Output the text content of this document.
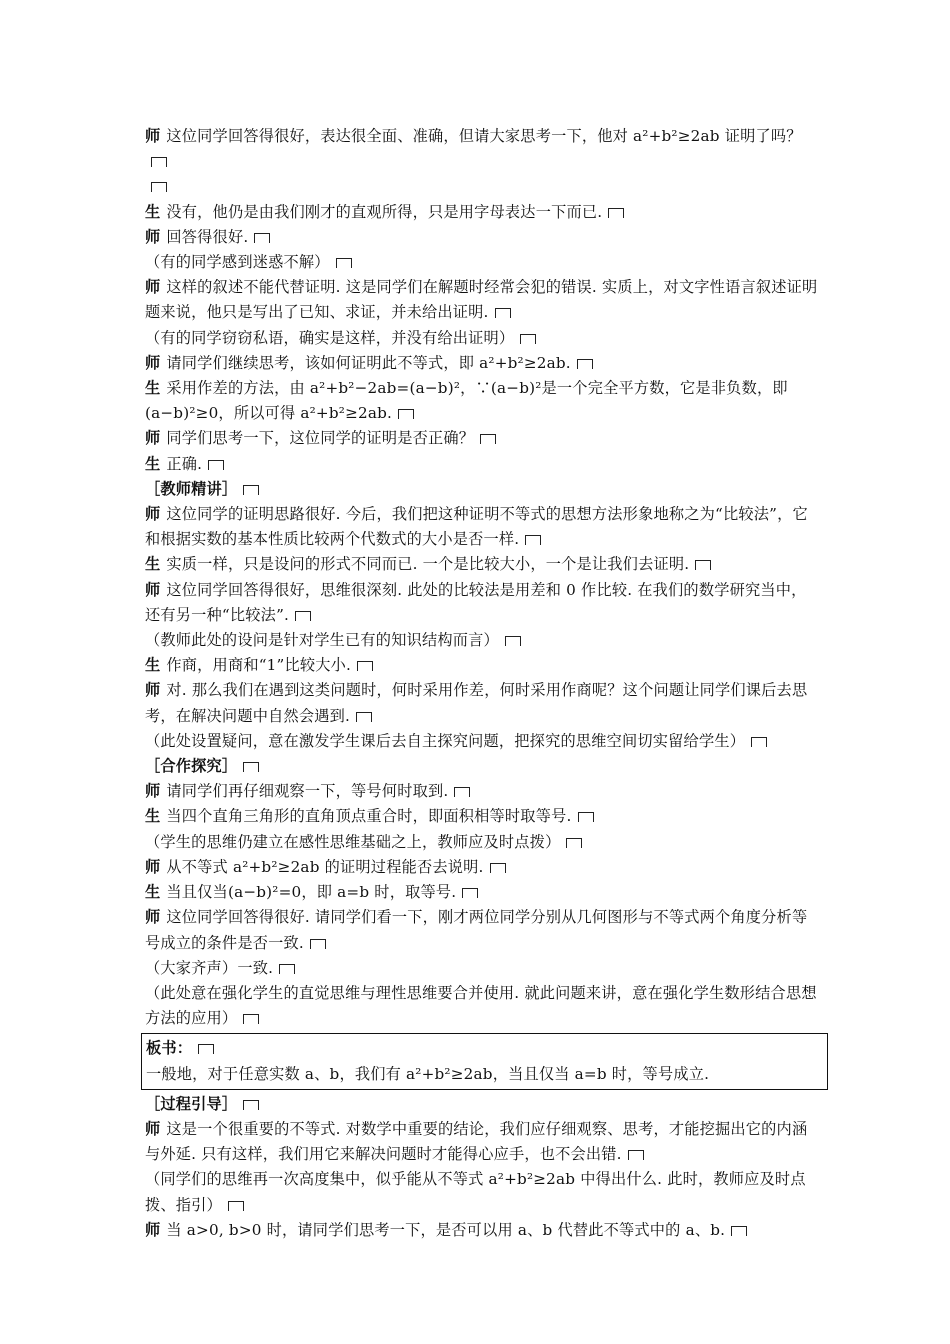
师 这位同学回答得很好，表达很全面、准确，但请大家思考一下，他对 a²+b²≥2ab 证明了吗？

生 没有，他仍是由我们刚才的直观所得，只是用字母表达一下而已.

师 回答得很好.

（有的同学感到迷惑不解）

师 这样的叙述不能代替证明. 这是同学们在解题时经常会犯的错误. 实质上，对文字性语言叙述证明题来说，他只是写出了已知、求证，并未给出证明.

（有的同学窃窃私语，确实是这样，并没有给出证明）

师 请同学们继续思考，该如何证明此不等式，即 a²+b²≥2ab.

生 采用作差的方法，由 a²+b²−2ab=(a−b)²，∵(a−b)²是一个完全平方数，它是非负数，即(a−b)²≥0，所以可得 a²+b²≥2ab.

师 同学们思考一下，这位同学的证明是否正确？

生 正确.

［教师精讲］

师 这位同学的证明思路很好. 今后，我们把这种证明不等式的思想方法形象地称之为“比较法”，它和根据实数的基本性质比较两个代数式的大小是否一样.

生 实质一样，只是设问的形式不同而已. 一个是比较大小，一个是让我们去证明.

师 这位同学回答得很好，思维很深刻. 此处的比较法是用差和 0 作比较. 在我们的数学研究当中，还有另一种“比较法”.

（教师此处的设问是针对学生已有的知识结构而言）

生 作商，用商和“1”比较大小.

师 对. 那么我们在遇到这类问题时，何时采用作差，何时采用作商呢？这个问题让同学们课后去思考，在解决问题中自然会遇到.

（此处设置疑问，意在激发学生课后去自主探究问题，把探究的思维空间切实留给学生）

［合作探究］

师 请同学们再仔细观察一下，等号何时取到.

生 当四个直角三角形的直角顶点重合时，即面积相等时取等号.

（学生的思维仍建立在感性思维基础之上，教师应及时点拨）

师 从不等式 a²+b²≥2ab 的证明过程能否去说明.

生 当且仅当(a−b)²=0，即 a=b 时，取等号.

师 这位同学回答得很好. 请同学们看一下，刚才两位同学分别从几何图形与不等式两个角度分析等号成立的条件是否一致.

（大家齐声）一致.

（此处意在强化学生的直觉思维与理性思维要合并使用. 就此问题来讲，意在强化学生数形结合思想方法的应用）

板书：

一般地，对于任意实数 a、b，我们有 a²+b²≥2ab，当且仅当 a=b 时，等号成立.

［过程引导］

师 这是一个很重要的不等式. 对数学中重要的结论，我们应仔细观察、思考，才能挖掘出它的内涵与外延. 只有这样，我们用它来解决问题时才能得心应手，也不会出错.

（同学们的思维再一次高度集中，似乎能从不等式 a²+b²≥2ab 中得出什么. 此时，教师应及时点拨、指引）

师 当 a>0, b>0 时，请同学们思考一下，是否可以用 a、b 代替此不等式中的 a、b.
